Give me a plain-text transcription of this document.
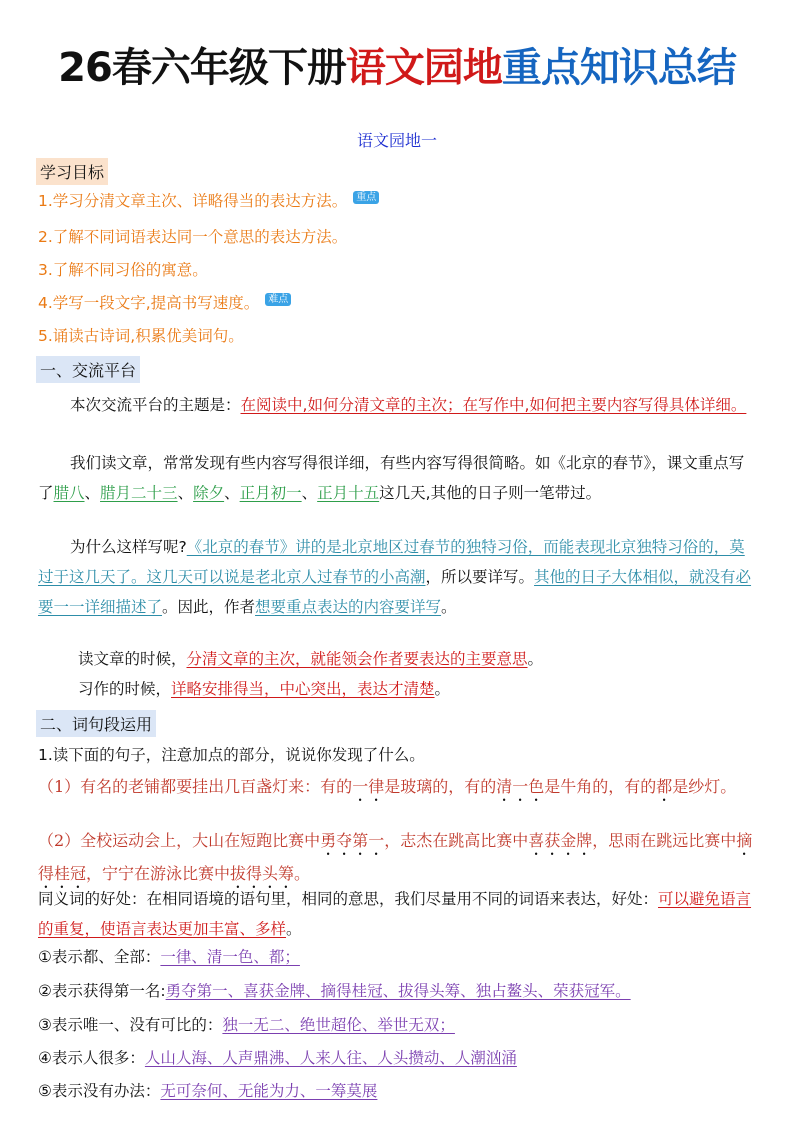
26春六年级下册语文园地重点知识总结
语文园地一
学习目标
1.学习分清文章主次、详略得当的表达方法。 重点
2.了解不同词语表达同一个意思的表达方法。
3.了解不同习俗的寓意。
4.学写一段文字,提高书写速度。 难点
5.诵读古诗词,积累优美词句。
一、交流平台
本次交流平台的主题是：在阅读中,如何分清文章的主次；在写作中,如何把主要内容写得具体详细。
我们读文章，常常发现有些内容写得很详细，有些内容写得很简略。如《北京的春节》，课文重点写了腊八、腊月二十三、除夕、正月初一、正月十五这几天,其他的日子则一笔带过。
为什么这样写呢?《北京的春节》讲的是北京地区过春节的独特习俗，而能表现北京独特习俗的，莫过于这几天了。这几天可以说是老北京人过春节的小高潮，所以要详写。其他的日子大体相似，就没有必要一一详细描述了。因此，作者想要重点表达的内容要详写。
读文章的时候，分清文章的主次，就能领会作者要表达的主要意思。
习作的时候，详略安排得当，中心突出，表达才清楚。
二、词句段运用
1.读下面的句子，注意加点的部分，说说你发现了什么。
（1）有名的老铺都要挂出几百盏灯来：有的一律是玻璃的，有的清一色是牛角的，有的都是纱灯。
（2）全校运动会上，大山在短跑比赛中勇夺第一，志杰在跳高比赛中喜获金牌，思雨在跳远比赛中摘得桂冠，宁宁在游泳比赛中拔得头筹。
同义词的好处：在相同语境的语句里，相同的意思，我们尽量用不同的词语来表达，好处：可以避免语言的重复，使语言表达更加丰富、多样。
①表示都、全部：一律、清一色、都；
②表示获得第一名:勇夺第一、喜获金牌、摘得桂冠、拔得头筹、独占鳌头、荣获冠军。
③表示唯一、没有可比的：独一无二、绝世超伦、举世无双；
④表示人很多：人山人海、人声鼎沸、人来人往、人头攒动、人潮汹涌
⑤表示没有办法：无可奈何、无能为力、一筹莫展
